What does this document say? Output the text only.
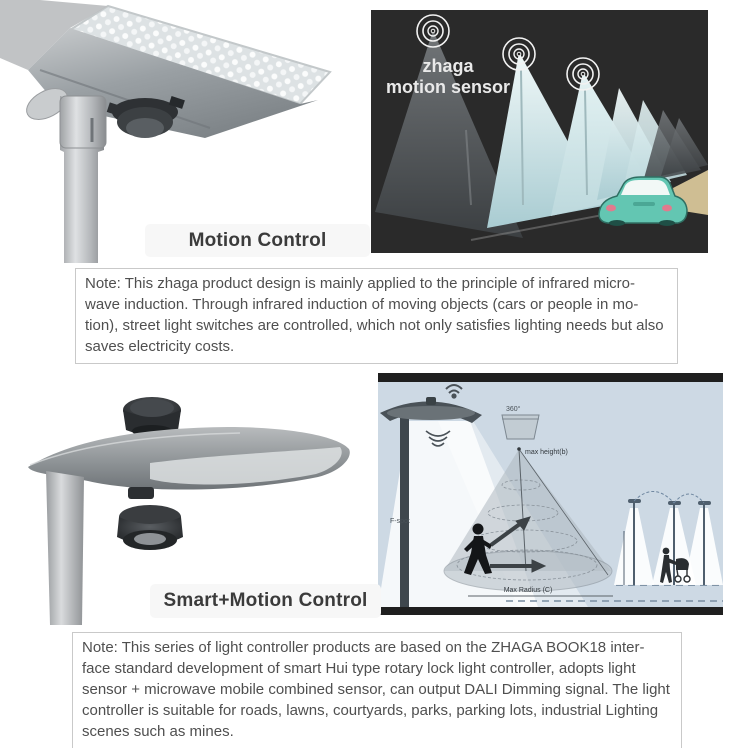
zhaga
motion sensor
Motion Control
Note: This zhaga product design is mainly applied to the principle of infrared micro- wave induction. Through infrared induction of moving objects (cars or people in mo- tion), street light switches are controlled, which not only satisfies lighting needs but also saves electricity costs.
360°
max height(b)
F-spot
Max Radius (C)
Smart+Motion Control
Note: This series of light controller products are based on the ZHAGA BOOK18 inter-face standard development of smart Hui type rotary lock light controller, adopts light sensor + microwave mobile combined sensor, can output DALI Dimming signal. The light controller is suitable for roads, lawns, courtyards, parks, parking lots, industrial Lighting scenes such as mines.
